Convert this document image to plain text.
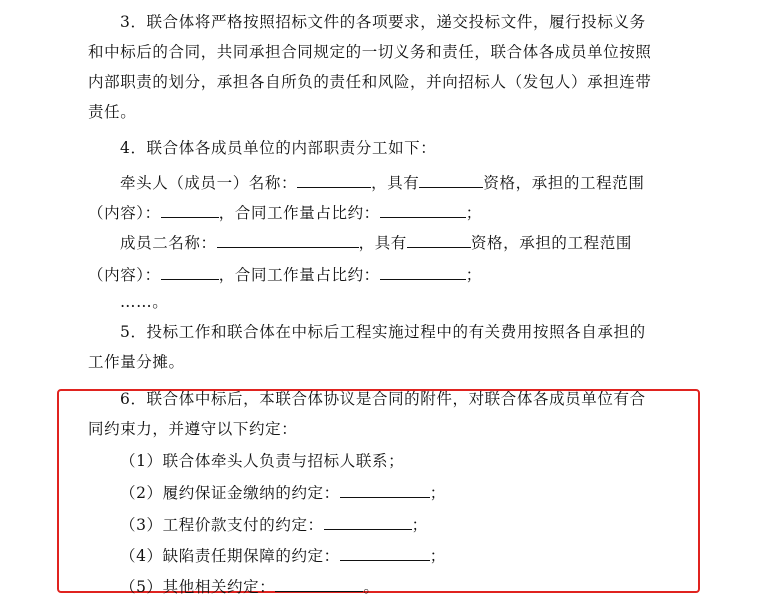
3．联合体将严格按照招标文件的各项要求，递交投标文件，履行投标义务
和中标后的合同，共同承担合同规定的一切义务和责任，联合体各成员单位按照
内部职责的划分，承担各自所负的责任和风险，并向招标人（发包人）承担连带
责任。
4．联合体各成员单位的内部职责分工如下：
牵头人（成员一）名称：	，具有	资格，承担的工程范围
（内容）：	，合同工作量占比约：	；
成员二名称：	，具有	资格，承担的工程范围
（内容）：	，合同工作量占比约：	；
……。
5．投标工作和联合体在中标后工程实施过程中的有关费用按照各自承担的
工作量分摊。
6．联合体中标后，本联合体协议是合同的附件，对联合体各成员单位有合
同约束力，并遵守以下约定：
（1）联合体牵头人负责与招标人联系；
（2）履约保证金缴纳的约定：	；
（3）工程价款支付的约定：	；
（4）缺陷责任期保障的约定：	；
（5）其他相关约定：	。
